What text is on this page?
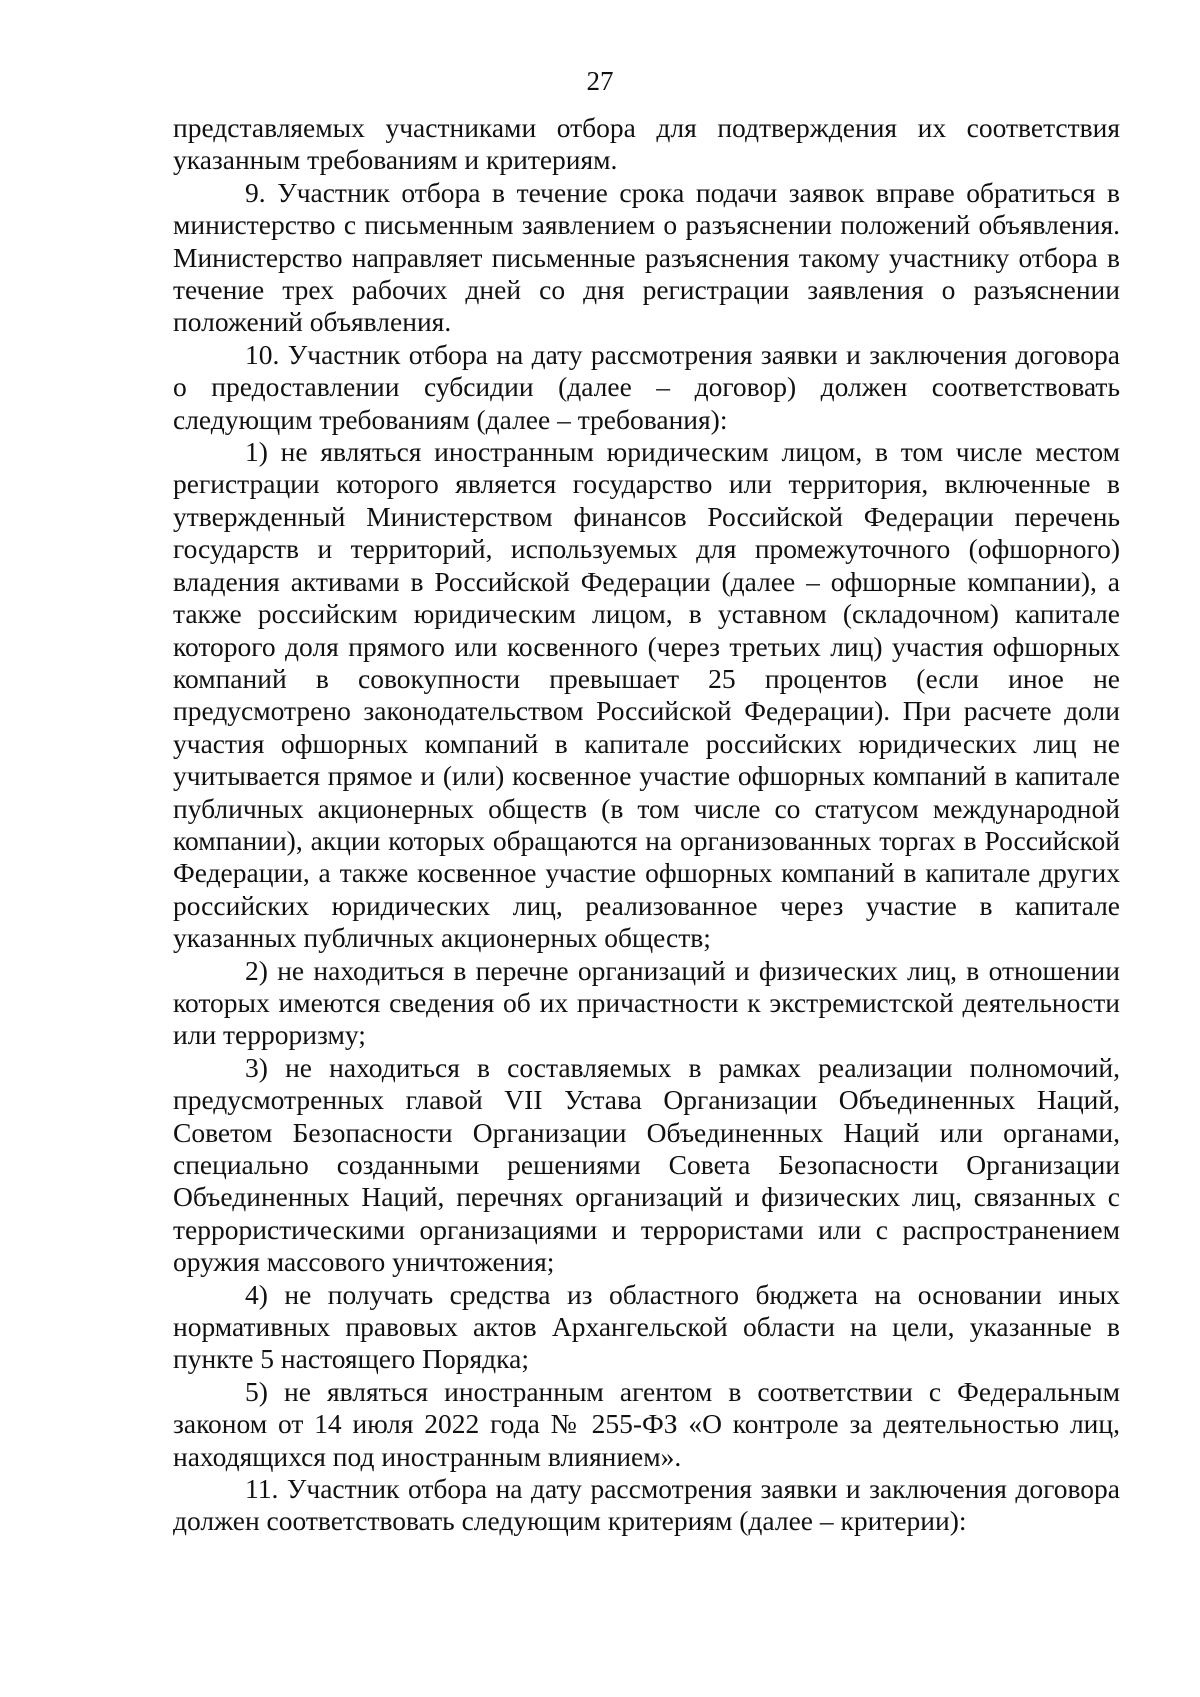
27

представляемых участниками отбора для подтверждения их соответствия указанным требованиям и критериям.

9. Участник отбора в течение срока подачи заявок вправе обратиться в министерство с письменным заявлением о разъяснении положений объявления. Министерство направляет письменные разъяснения такому участнику отбора в течение трех рабочих дней со дня регистрации заявления о разъяснении положений объявления.

10. Участник отбора на дату рассмотрения заявки и заключения договора о предоставлении субсидии (далее – договор) должен соответствовать следующим требованиям (далее – требования):

1) не являться иностранным юридическим лицом, в том числе местом регистрации которого является государство или территория, включенные в утвержденный Министерством финансов Российской Федерации перечень государств и территорий, используемых для промежуточного (офшорного) владения активами в Российской Федерации (далее – офшорные компании), а также российским юридическим лицом, в уставном (складочном) капитале которого доля прямого или косвенного (через третьих лиц) участия офшорных компаний в совокупности превышает 25 процентов (если иное не предусмотрено законодательством Российской Федерации). При расчете доли участия офшорных компаний в капитале российских юридических лиц не учитывается прямое и (или) косвенное участие офшорных компаний в капитале публичных акционерных обществ (в том числе со статусом международной компании), акции которых обращаются на организованных торгах в Российской Федерации, а также косвенное участие офшорных компаний в капитале других российских юридических лиц, реализованное через участие в капитале указанных публичных акционерных обществ;

2) не находиться в перечне организаций и физических лиц, в отношении которых имеются сведения об их причастности к экстремистской деятельности или терроризму;

3) не находиться в составляемых в рамках реализации полномочий, предусмотренных главой VII Устава Организации Объединенных Наций, Советом Безопасности Организации Объединенных Наций или органами, специально созданными решениями Совета Безопасности Организации Объединенных Наций, перечнях организаций и физических лиц, связанных с террористическими организациями и террористами или с распространением оружия массового уничтожения;

4) не получать средства из областного бюджета на основании иных нормативных правовых актов Архангельской области на цели, указанные в пункте 5 настоящего Порядка;

5) не являться иностранным агентом в соответствии с Федеральным законом от 14 июля 2022 года № 255-ФЗ «О контроле за деятельностью лиц, находящихся под иностранным влиянием».

11. Участник отбора на дату рассмотрения заявки и заключения договора должен соответствовать следующим критериям (далее – критерии):
